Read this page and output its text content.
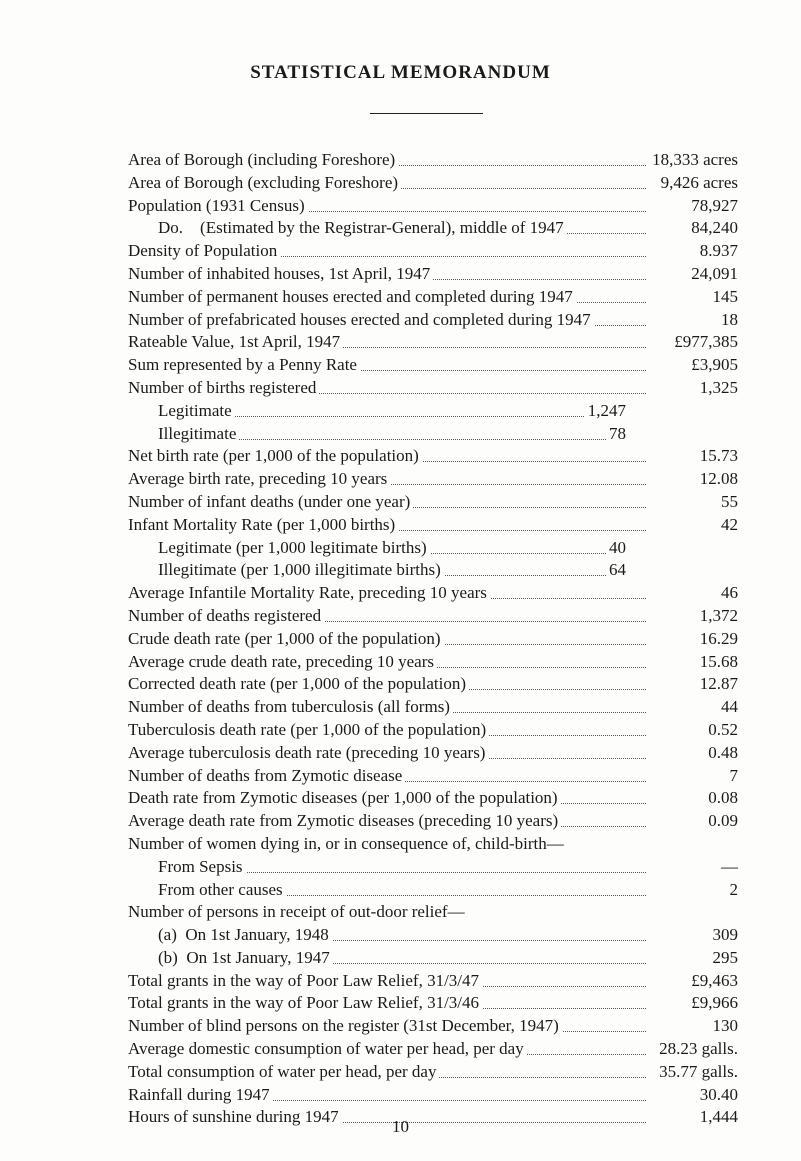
STATISTICAL MEMORANDUM
Area of Borough (including Foreshore)	18,333 acres
Area of Borough (excluding Foreshore)	9,426 acres
Population (1931 Census)	78,927
Do. (Estimated by the Registrar-General), middle of 1947	84,240
Density of Population	8.937
Number of inhabited houses, 1st April, 1947	24,091
Number of permanent houses erected and completed during 1947	145
Number of prefabricated houses erected and completed during 1947	18
Rateable Value, 1st April, 1947	£977,385
Sum represented by a Penny Rate	£3,905
Number of births registered	1,325
Legitimate	1,247
Illegitimate	78
Net birth rate (per 1,000 of the population)	15.73
Average birth rate, preceding 10 years	12.08
Number of infant deaths (under one year)	55
Infant Mortality Rate (per 1,000 births)	42
Legitimate (per 1,000 legitimate births)	40
Illegitimate (per 1,000 illegitimate births)	64
Average Infantile Mortality Rate, preceding 10 years	46
Number of deaths registered	1,372
Crude death rate (per 1,000 of the population)	16.29
Average crude death rate, preceding 10 years	15.68
Corrected death rate (per 1,000 of the population)	12.87
Number of deaths from tuberculosis (all forms)	44
Tuberculosis death rate (per 1,000 of the population)	0.52
Average tuberculosis death rate (preceding 10 years)	0.48
Number of deaths from Zymotic disease	7
Death rate from Zymotic diseases (per 1,000 of the population)	0.08
Average death rate from Zymotic diseases (preceding 10 years)	0.09
Number of women dying in, or in consequence of, child-birth—
From Sepsis	—
From other causes	2
Number of persons in receipt of out-door relief—
(a) On 1st January, 1948	309
(b) On 1st January, 1947	295
Total grants in the way of Poor Law Relief, 31/3/47	£9,463
Total grants in the way of Poor Law Relief, 31/3/46	£9,966
Number of blind persons on the register (31st December, 1947)	130
Average domestic consumption of water per head, per day	28.23 galls.
Total consumption of water per head, per day	35.77 galls.
Rainfall during 1947	30.40
Hours of sunshine during 1947	1,444
10
